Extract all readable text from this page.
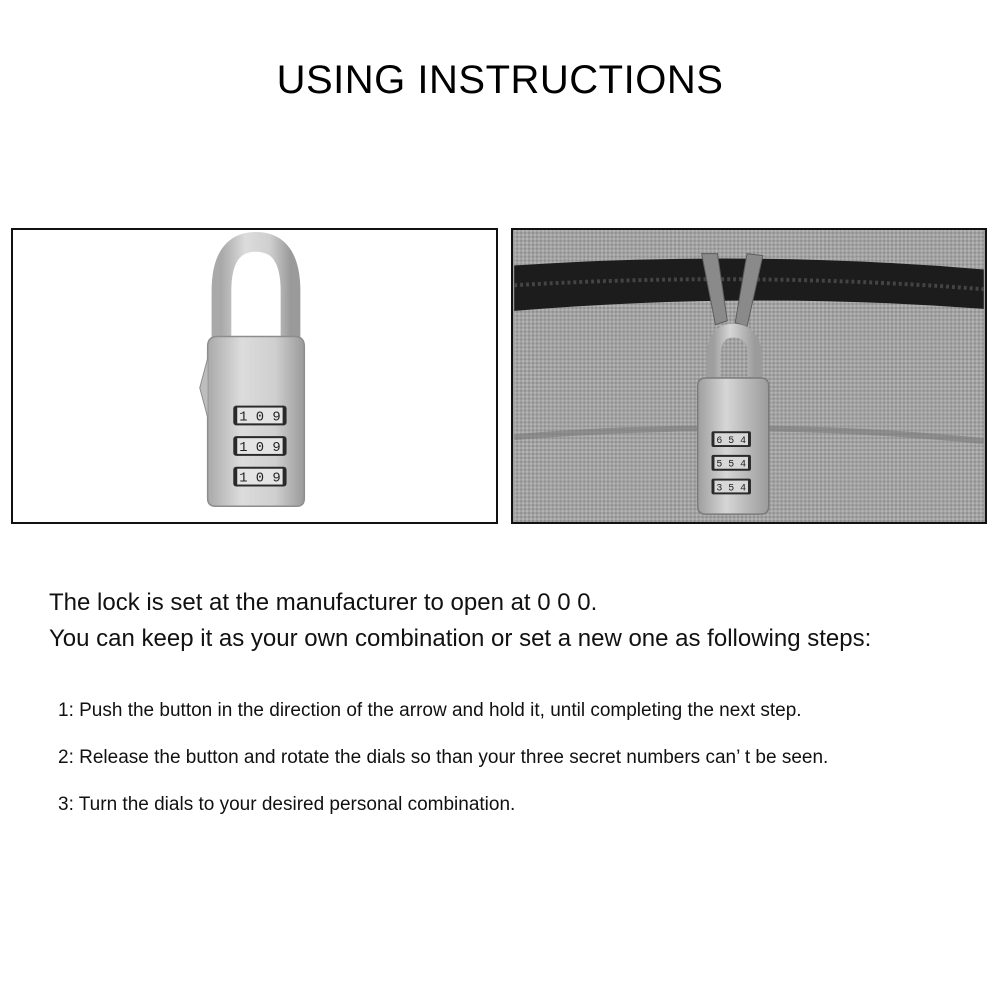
USING INSTRUCTIONS
1 0 9
1 0 9
1 0 9
6 5 4
5 5 4
3 5 4
The lock is set at the manufacturer to open at 0 0 0.
You can keep it as your own combination or set a new one as following steps:
1: Push the button in the direction of the arrow and hold it, until completing the next step.
2: Release the button and rotate the dials so than your three secret numbers can’ t be seen.
3: Turn the dials to your desired personal combination.
